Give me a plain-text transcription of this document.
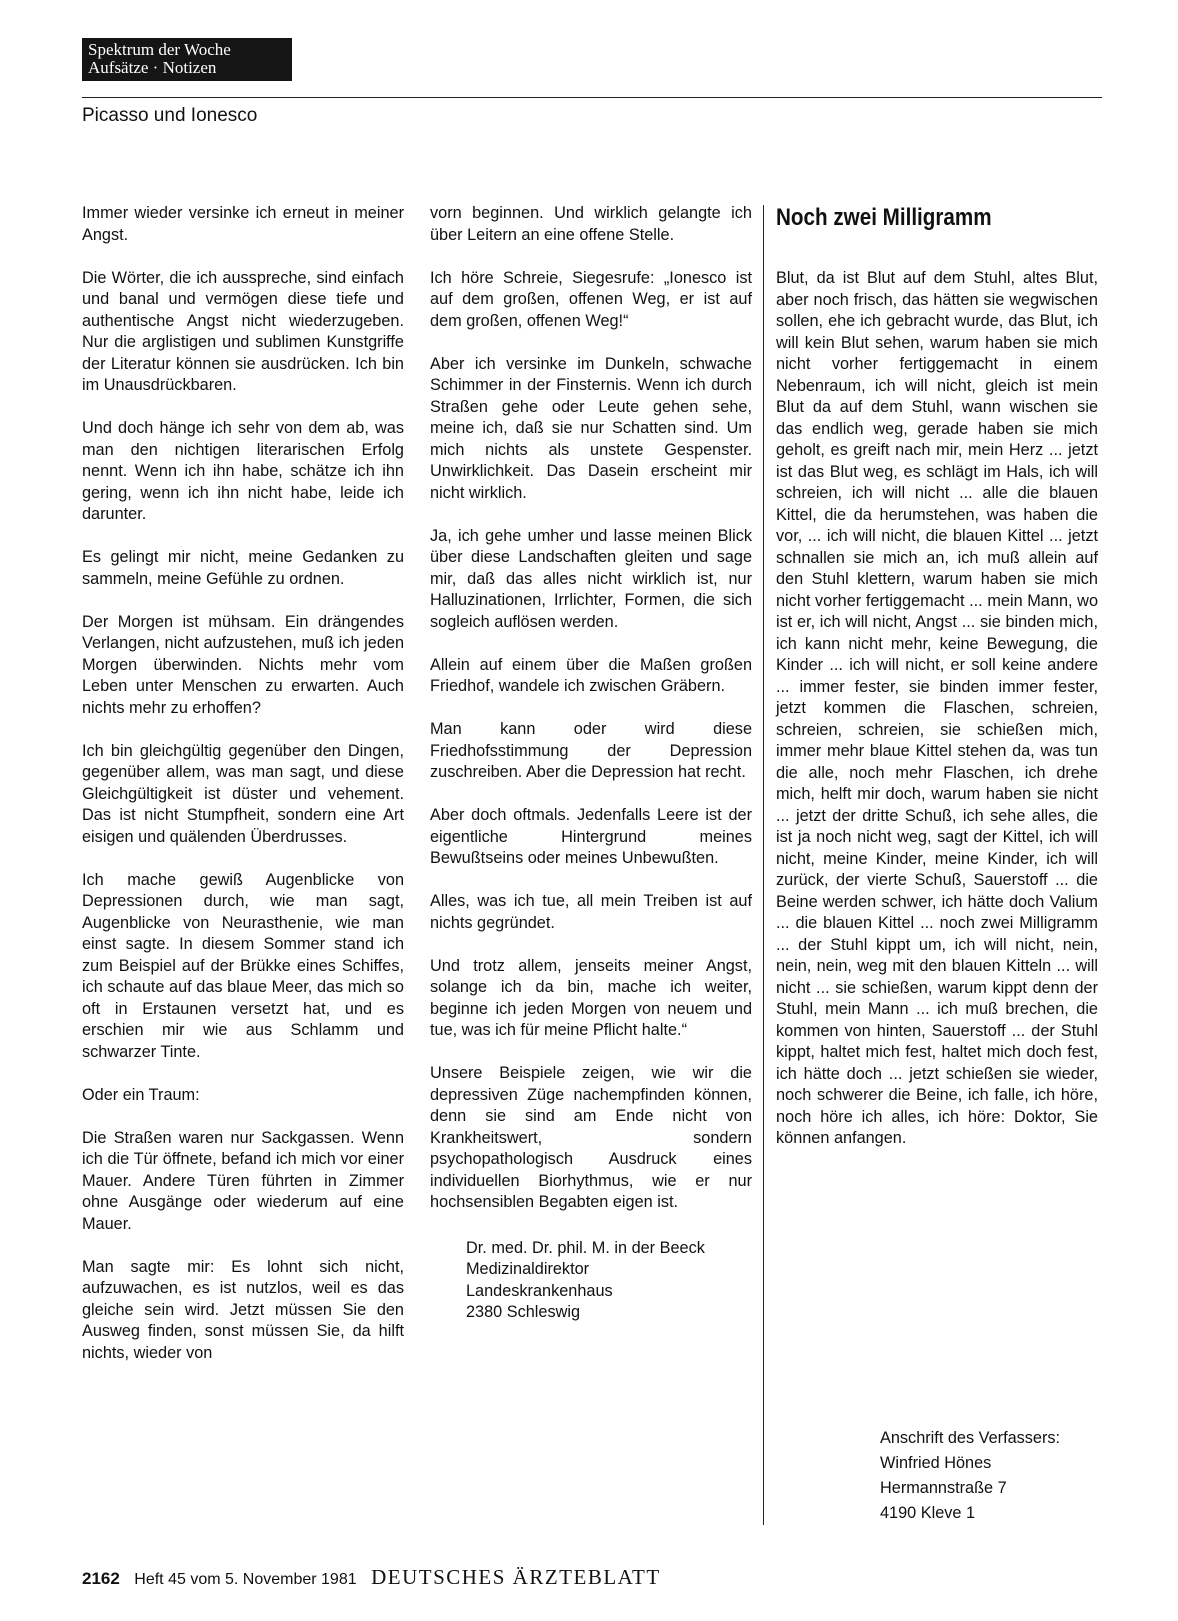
Spektrum der Woche
Aufsätze · Notizen
Picasso und Ionesco

Immer wieder versinke ich erneut in meiner Angst.

Die Wörter, die ich ausspreche, sind einfach und banal und vermögen diese tiefe und authentische Angst nicht wiederzugeben. Nur die arglistigen und sublimen Kunstgriffe der Literatur können sie ausdrücken. Ich bin im Unausdrückbaren.

Und doch hänge ich sehr von dem ab, was man den nichtigen literarischen Erfolg nennt. Wenn ich ihn habe, schätze ich ihn gering, wenn ich ihn nicht habe, leide ich darunter.

Es gelingt mir nicht, meine Gedanken zu sammeln, meine Gefühle zu ordnen.

Der Morgen ist mühsam. Ein drängendes Verlangen, nicht aufzustehen, muß ich jeden Morgen überwinden. Nichts mehr vom Leben unter Menschen zu erwarten. Auch nichts mehr zu erhoffen?

Ich bin gleichgültig gegenüber den Dingen, gegenüber allem, was man sagt, und diese Gleichgültigkeit ist düster und vehement. Das ist nicht Stumpfheit, sondern eine Art eisigen und quälenden Überdrusses.

Ich mache gewiß Augenblicke von Depressionen durch, wie man sagt, Augenblicke von Neurasthenie, wie man einst sagte. In diesem Sommer stand ich zum Beispiel auf der Brükke eines Schiffes, ich schaute auf das blaue Meer, das mich so oft in Erstaunen versetzt hat, und es erschien mir wie aus Schlamm und schwarzer Tinte.

Oder ein Traum:

Die Straßen waren nur Sackgassen. Wenn ich die Tür öffnete, befand ich mich vor einer Mauer. Andere Türen führten in Zimmer ohne Ausgänge oder wiederum auf eine Mauer.

Man sagte mir: Es lohnt sich nicht, aufzuwachen, es ist nutzlos, weil es das gleiche sein wird. Jetzt müssen Sie den Ausweg finden, sonst müssen Sie, da hilft nichts, wieder von

vorn beginnen. Und wirklich gelangte ich über Leitern an eine offene Stelle.

Ich höre Schreie, Siegesrufe: „Ionesco ist auf dem großen, offenen Weg, er ist auf dem großen, offenen Weg!“

Aber ich versinke im Dunkeln, schwache Schimmer in der Finsternis. Wenn ich durch Straßen gehe oder Leute gehen sehe, meine ich, daß sie nur Schatten sind. Um mich nichts als unstete Gespenster. Unwirklichkeit. Das Dasein erscheint mir nicht wirklich.

Ja, ich gehe umher und lasse meinen Blick über diese Landschaften gleiten und sage mir, daß das alles nicht wirklich ist, nur Halluzinationen, Irrlichter, Formen, die sich sogleich auflösen werden.

Allein auf einem über die Maßen großen Friedhof, wandele ich zwischen Gräbern.

Man kann oder wird diese Friedhofsstimmung der Depression zuschreiben. Aber die Depression hat recht.

Aber doch oftmals. Jedenfalls Leere ist der eigentliche Hintergrund meines Bewußtseins oder meines Unbewußten.

Alles, was ich tue, all mein Treiben ist auf nichts gegründet.

Und trotz allem, jenseits meiner Angst, solange ich da bin, mache ich weiter, beginne ich jeden Morgen von neuem und tue, was ich für meine Pflicht halte.“

Unsere Beispiele zeigen, wie wir die depressiven Züge nachempfinden können, denn sie sind am Ende nicht von Krankheitswert, sondern psychopathologisch Ausdruck eines individuellen Biorhythmus, wie er nur hochsensiblen Begabten eigen ist.

Dr. med. Dr. phil. M. in der Beeck
Medizinaldirektor
Landeskrankenhaus
2380 Schleswig
Noch zwei Milligramm

Blut, da ist Blut auf dem Stuhl, altes Blut, aber noch frisch, das hätten sie wegwischen sollen, ehe ich gebracht wurde, das Blut, ich will kein Blut sehen, warum haben sie mich nicht vorher fertiggemacht in einem Nebenraum, ich will nicht, gleich ist mein Blut da auf dem Stuhl, wann wischen sie das endlich weg, gerade haben sie mich geholt, es greift nach mir, mein Herz ... jetzt ist das Blut weg, es schlägt im Hals, ich will schreien, ich will nicht ... alle die blauen Kittel, die da herumstehen, was haben die vor, ... ich will nicht, die blauen Kittel ... jetzt schnallen sie mich an, ich muß allein auf den Stuhl klettern, warum haben sie mich nicht vorher fertiggemacht ... mein Mann, wo ist er, ich will nicht, Angst ... sie binden mich, ich kann nicht mehr, keine Bewegung, die Kinder ... ich will nicht, er soll keine andere ... immer fester, sie binden immer fester, jetzt kommen die Flaschen, schreien, schreien, schreien, sie schießen mich, immer mehr blaue Kittel stehen da, was tun die alle, noch mehr Flaschen, ich drehe mich, helft mir doch, warum haben sie nicht ... jetzt der dritte Schuß, ich sehe alles, die ist ja noch nicht weg, sagt der Kittel, ich will nicht, meine Kinder, meine Kinder, ich will zurück, der vierte Schuß, Sauerstoff ... die Beine werden schwer, ich hätte doch Valium ... die blauen Kittel ... noch zwei Milligramm ... der Stuhl kippt um, ich will nicht, nein, nein, nein, weg mit den blauen Kitteln ... will nicht ... sie schießen, warum kippt denn der Stuhl, mein Mann ... ich muß brechen, die kommen von hinten, Sauerstoff ... der Stuhl kippt, haltet mich fest, haltet mich doch fest, ich hätte doch ... jetzt schießen sie wieder, noch schwerer die Beine, ich falle, ich höre, noch höre ich alles, ich höre: Doktor, Sie können anfangen.

Anschrift des Verfassers:
Winfried Hönes
Hermannstraße 7
4190 Kleve 1
2162 Heft 45 vom 5. November 1981 DEUTSCHES ÄRZTEBLATT
